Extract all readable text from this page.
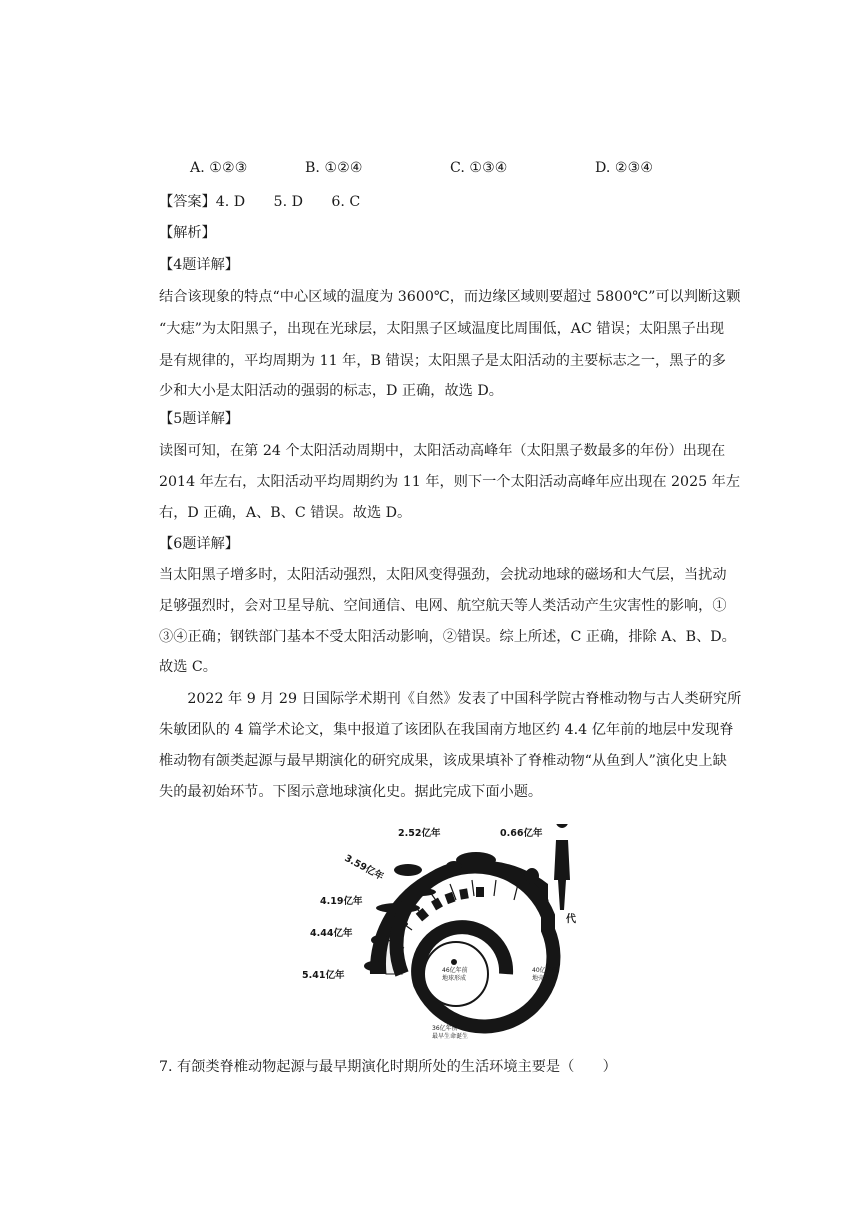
A. ①②③	B. ①②④	C. ①③④	D. ②③④
【答案】4. D　　5. D　　6. C
【解析】
【4题详解】
结合该现象的特点“中心区域的温度为 3600℃，而边缘区域则要超过 5800℃”可以判断这颗
“大痣”为太阳黑子，出现在光球层，太阳黑子区域温度比周围低，AC 错误；太阳黑子出现
是有规律的，平均周期为 11 年，B 错误；太阳黑子是太阳活动的主要标志之一，黑子的多
少和大小是太阳活动的强弱的标志，D 正确，故选 D。
【5题详解】
读图可知，在第 24 个太阳活动周期中，太阳活动高峰年（太阳黑子数最多的年份）出现在
2014 年左右，太阳活动平均周期约为 11 年，则下一个太阳活动高峰年应出现在 2025 年左
右，D 正确，A、B、C 错误。故选 D。
【6题详解】
当太阳黑子增多时，太阳活动强烈，太阳风变得强劲，会扰动地球的磁场和大气层，当扰动
足够强烈时，会对卫星导航、空间通信、电网、航空航天等人类活动产生灾害性的影响，①
③④正确；钢铁部门基本不受太阳活动影响，②错误。综上所述，C 正确，排除 A、B、D。
故选 C。
　　2022 年 9 月 29 日国际学术期刊《自然》发表了中国科学院古脊椎动物与古人类研究所
朱敏团队的 4 篇学术论文，集中报道了该团队在我国南方地区约 4.4 亿年前的地层中发现脊
椎动物有颌类起源与最早期演化的研究成果，该成果填补了脊椎动物“从鱼到人”演化史上缺
失的最初始环节。下图示意地球演化史。据此完成下面小题。
0.66亿年
2.52亿年
3.59亿年
4.19亿年
4.44亿年
5.41亿年
代
46亿年前
地球形成
36亿年前
最早生命诞生
40亿年前
地壳形成
7. 有颌类脊椎动物起源与最早期演化时期所处的生活环境主要是（　　）
